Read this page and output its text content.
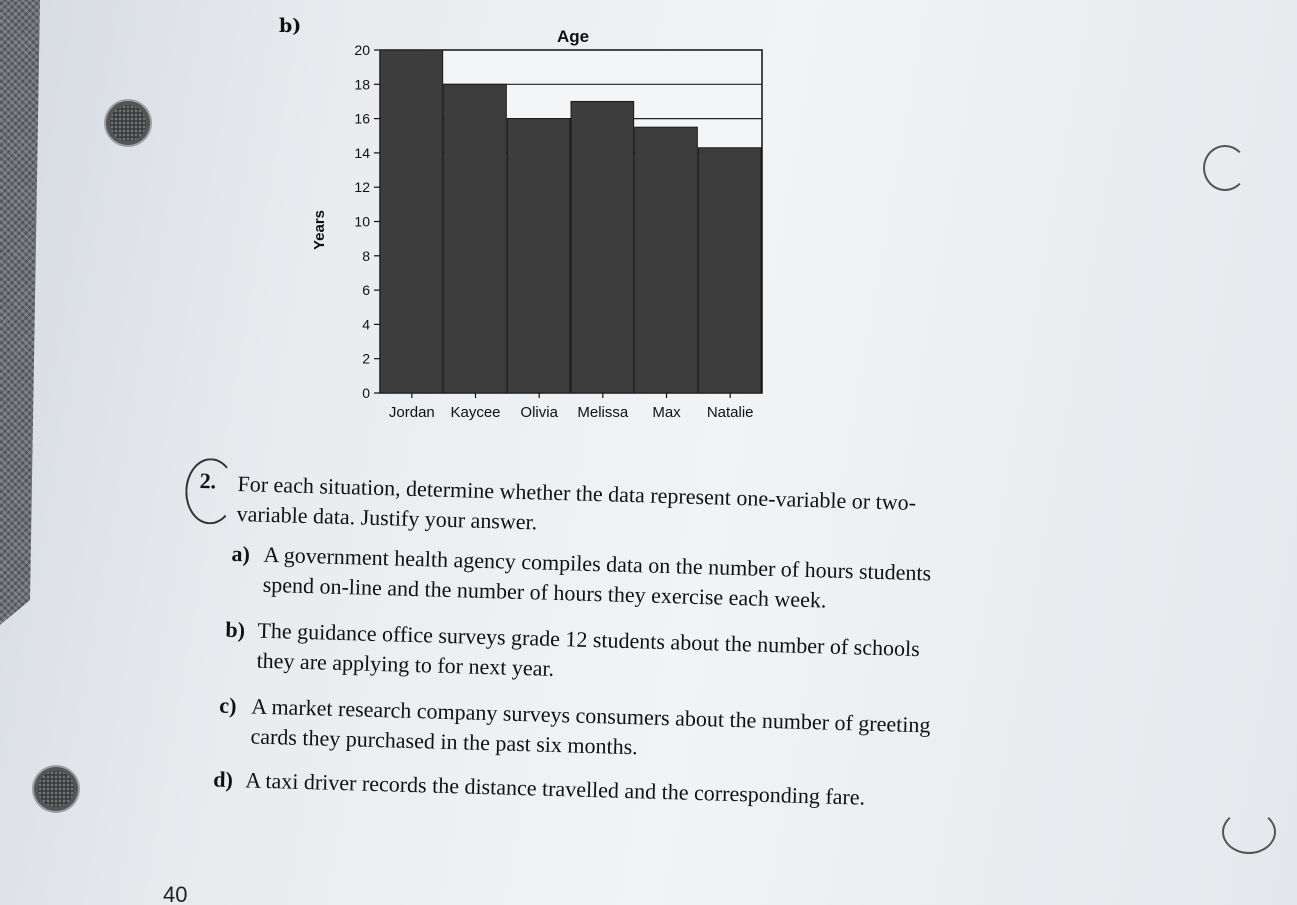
b)	Age
Years
0
2
4
6
8
10
12
14
16
18
20
Jordan Kaycee Olivia Melissa Max Natalie
2. For each situation, determine whether the data represent one-variable or two-variable data. Justify your answer.
a) A government health agency compiles data on the number of hours students spend on-line and the number of hours they exercise each week.
b) The guidance office surveys grade 12 students about the number of schools they are applying to for next year.
c) A market research company surveys consumers about the number of greeting cards they purchased in the past six months.
d) A taxi driver records the distance travelled and the corresponding fare.
40
